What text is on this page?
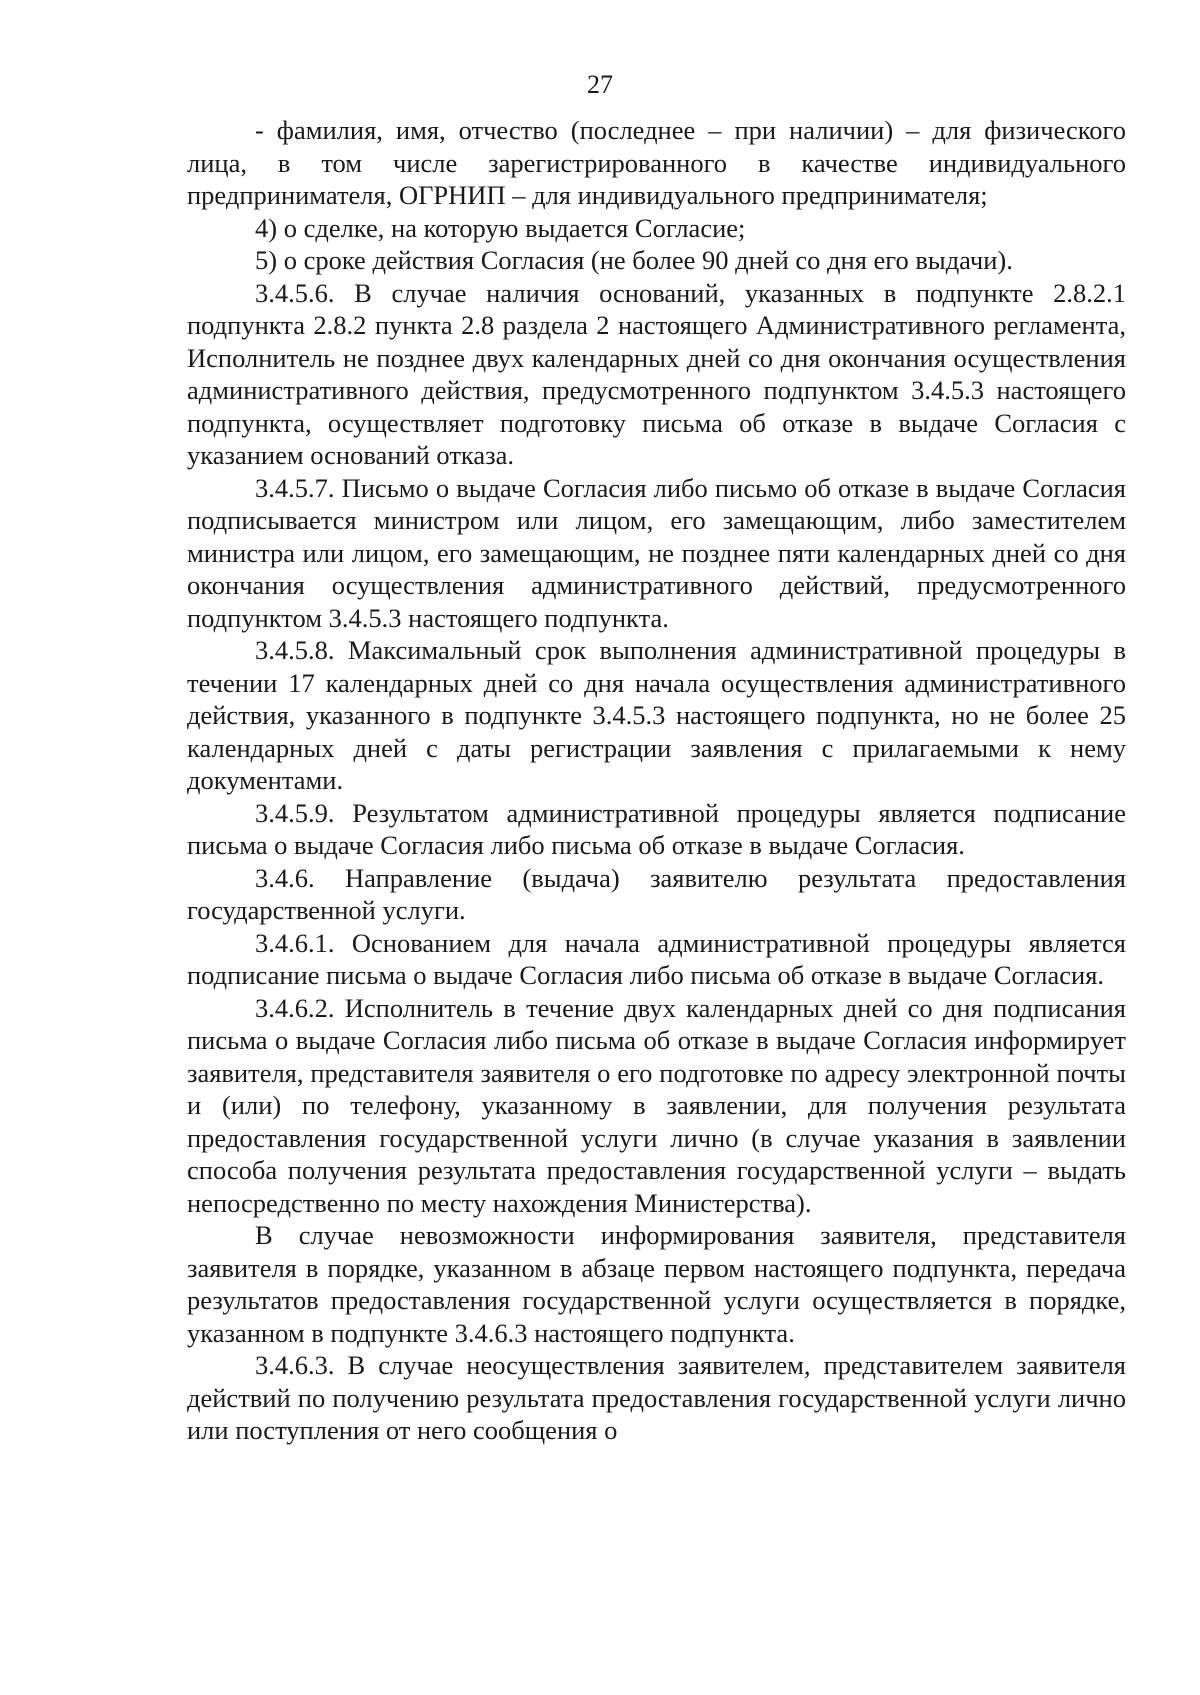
27

- фамилия, имя, отчество (последнее – при наличии) – для физического лица, в том числе зарегистрированного в качестве индивидуального предпринимателя, ОГРНИП – для индивидуального предпринимателя;

4) о сделке, на которую выдается Согласие;

5) о сроке действия Согласия (не более 90 дней со дня его выдачи).

3.4.5.6. В случае наличия оснований, указанных в подпункте 2.8.2.1 подпункта 2.8.2 пункта 2.8 раздела 2 настоящего Административного регламента, Исполнитель не позднее двух календарных дней со дня окончания осуществления административного действия, предусмотренного подпунктом 3.4.5.3 настоящего подпункта, осуществляет подготовку письма об отказе в выдаче Согласия с указанием оснований отказа.

3.4.5.7. Письмо о выдаче Согласия либо письмо об отказе в выдаче Согласия подписывается министром или лицом, его замещающим, либо заместителем министра или лицом, его замещающим, не позднее пяти календарных дней со дня окончания осуществления административного действий, предусмотренного подпунктом 3.4.5.3 настоящего подпункта.

3.4.5.8. Максимальный срок выполнения административной процедуры в течении 17 календарных дней со дня начала осуществления административного действия, указанного в подпункте 3.4.5.3 настоящего подпункта, но не более 25 календарных дней с даты регистрации заявления с прилагаемыми к нему документами.

3.4.5.9. Результатом административной процедуры является подписание письма о выдаче Согласия либо письма об отказе в выдаче Согласия.

3.4.6. Направление (выдача) заявителю результата предоставления государственной услуги.

3.4.6.1. Основанием для начала административной процедуры является подписание письма о выдаче Согласия либо письма об отказе в выдаче Согласия.

3.4.6.2. Исполнитель в течение двух календарных дней со дня подписания письма о выдаче Согласия либо письма об отказе в выдаче Согласия информирует заявителя, представителя заявителя о его подготовке по адресу электронной почты и (или) по телефону, указанному в заявлении, для получения результата предоставления государственной услуги лично (в случае указания в заявлении способа получения результата предоставления государственной услуги – выдать непосредственно по месту нахождения Министерства).

В случае невозможности информирования заявителя, представителя заявителя в порядке, указанном в абзаце первом настоящего подпункта, передача результатов предоставления государственной услуги осуществляется в порядке, указанном в подпункте 3.4.6.3 настоящего подпункта.

3.4.6.3. В случае неосуществления заявителем, представителем заявителя действий по получению результата предоставления государственной услуги лично или поступления от него сообщения о
